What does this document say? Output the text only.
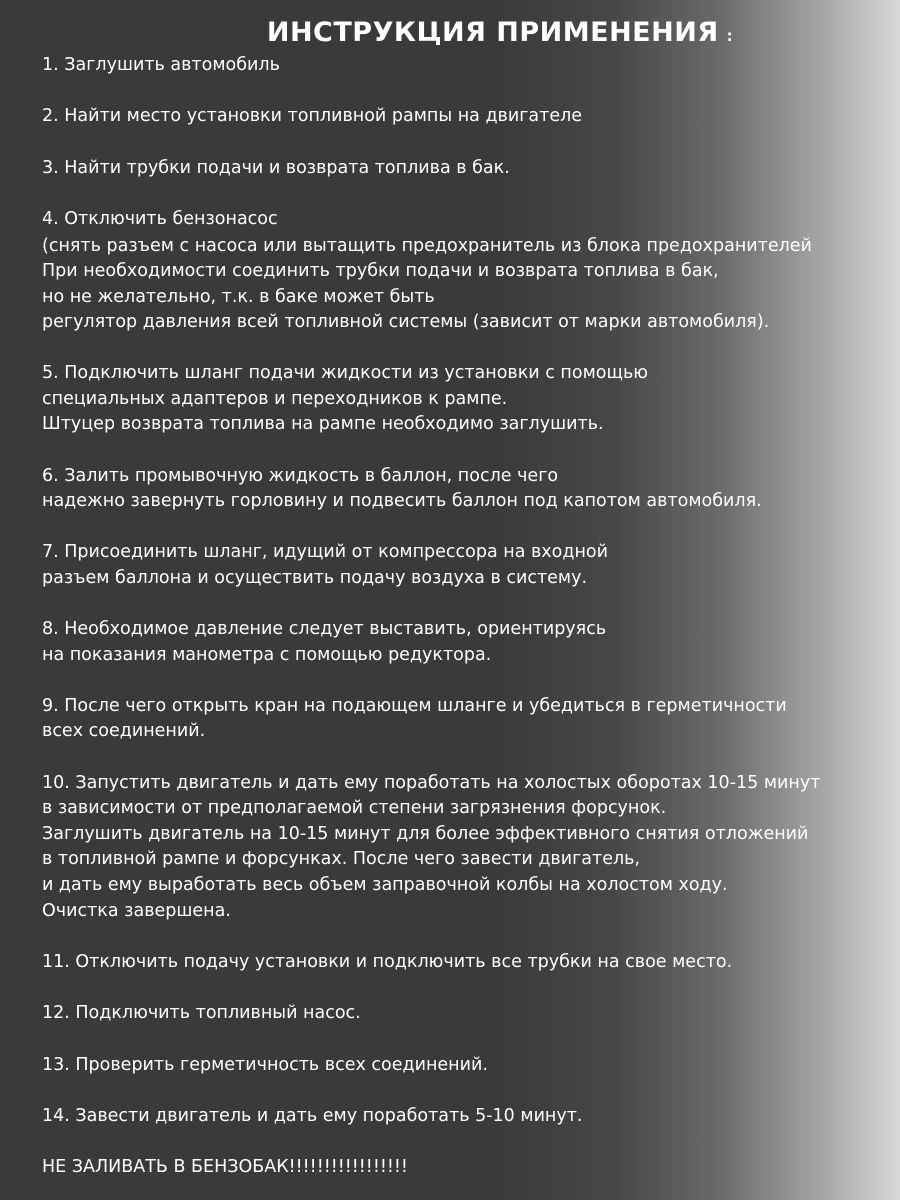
ИНСТРУКЦИЯ ПРИМЕНЕНИЯ :
1. Заглушить автомобиль
2. Найти место установки топливной рампы на двигателе
3. Найти трубки подачи и возврата топлива в бак.
4. Отключить бензонасос
(снять разъем с насоса или вытащить предохранитель из блока предохранителей
При необходимости соединить трубки подачи и возврата топлива в бак,
но не желательно, т.к. в баке может быть
регулятор давления всей топливной системы (зависит от марки автомобиля).
5. Подключить шланг подачи жидкости из установки с помощью
специальных адаптеров и переходников к рампе.
Штуцер возврата топлива на рампе необходимо заглушить.
6. Залить промывочную жидкость в баллон, после чего
надежно завернуть горловину и подвесить баллон под капотом автомобиля.
7. Присоединить шланг, идущий от компрессора на входной
разъем баллона и осуществить подачу воздуха в систему.
8. Необходимое давление следует выставить, ориентируясь
на показания манометра с помощью редуктора.
9. После чего открыть кран на подающем шланге и убедиться в герметичности
всех соединений.
10. Запустить двигатель и дать ему поработать на холостых оборотах 10-15 минут
в зависимости от предполагаемой степени загрязнения форсунок.
Заглушить двигатель на 10-15 минут для более эффективного снятия отложений
в топливной рампе и форсунках. После чего завести двигатель,
и дать ему выработать весь объем заправочной колбы на холостом ходу.
Очистка завершена.
11. Отключить подачу установки и подключить все трубки на свое место.
12. Подключить топливный насос.
13. Проверить герметичность всех соединений.
14. Завести двигатель и дать ему поработать 5-10 минут.
НЕ ЗАЛИВАТЬ В БЕНЗОБАК!!!!!!!!!!!!!!!!!
